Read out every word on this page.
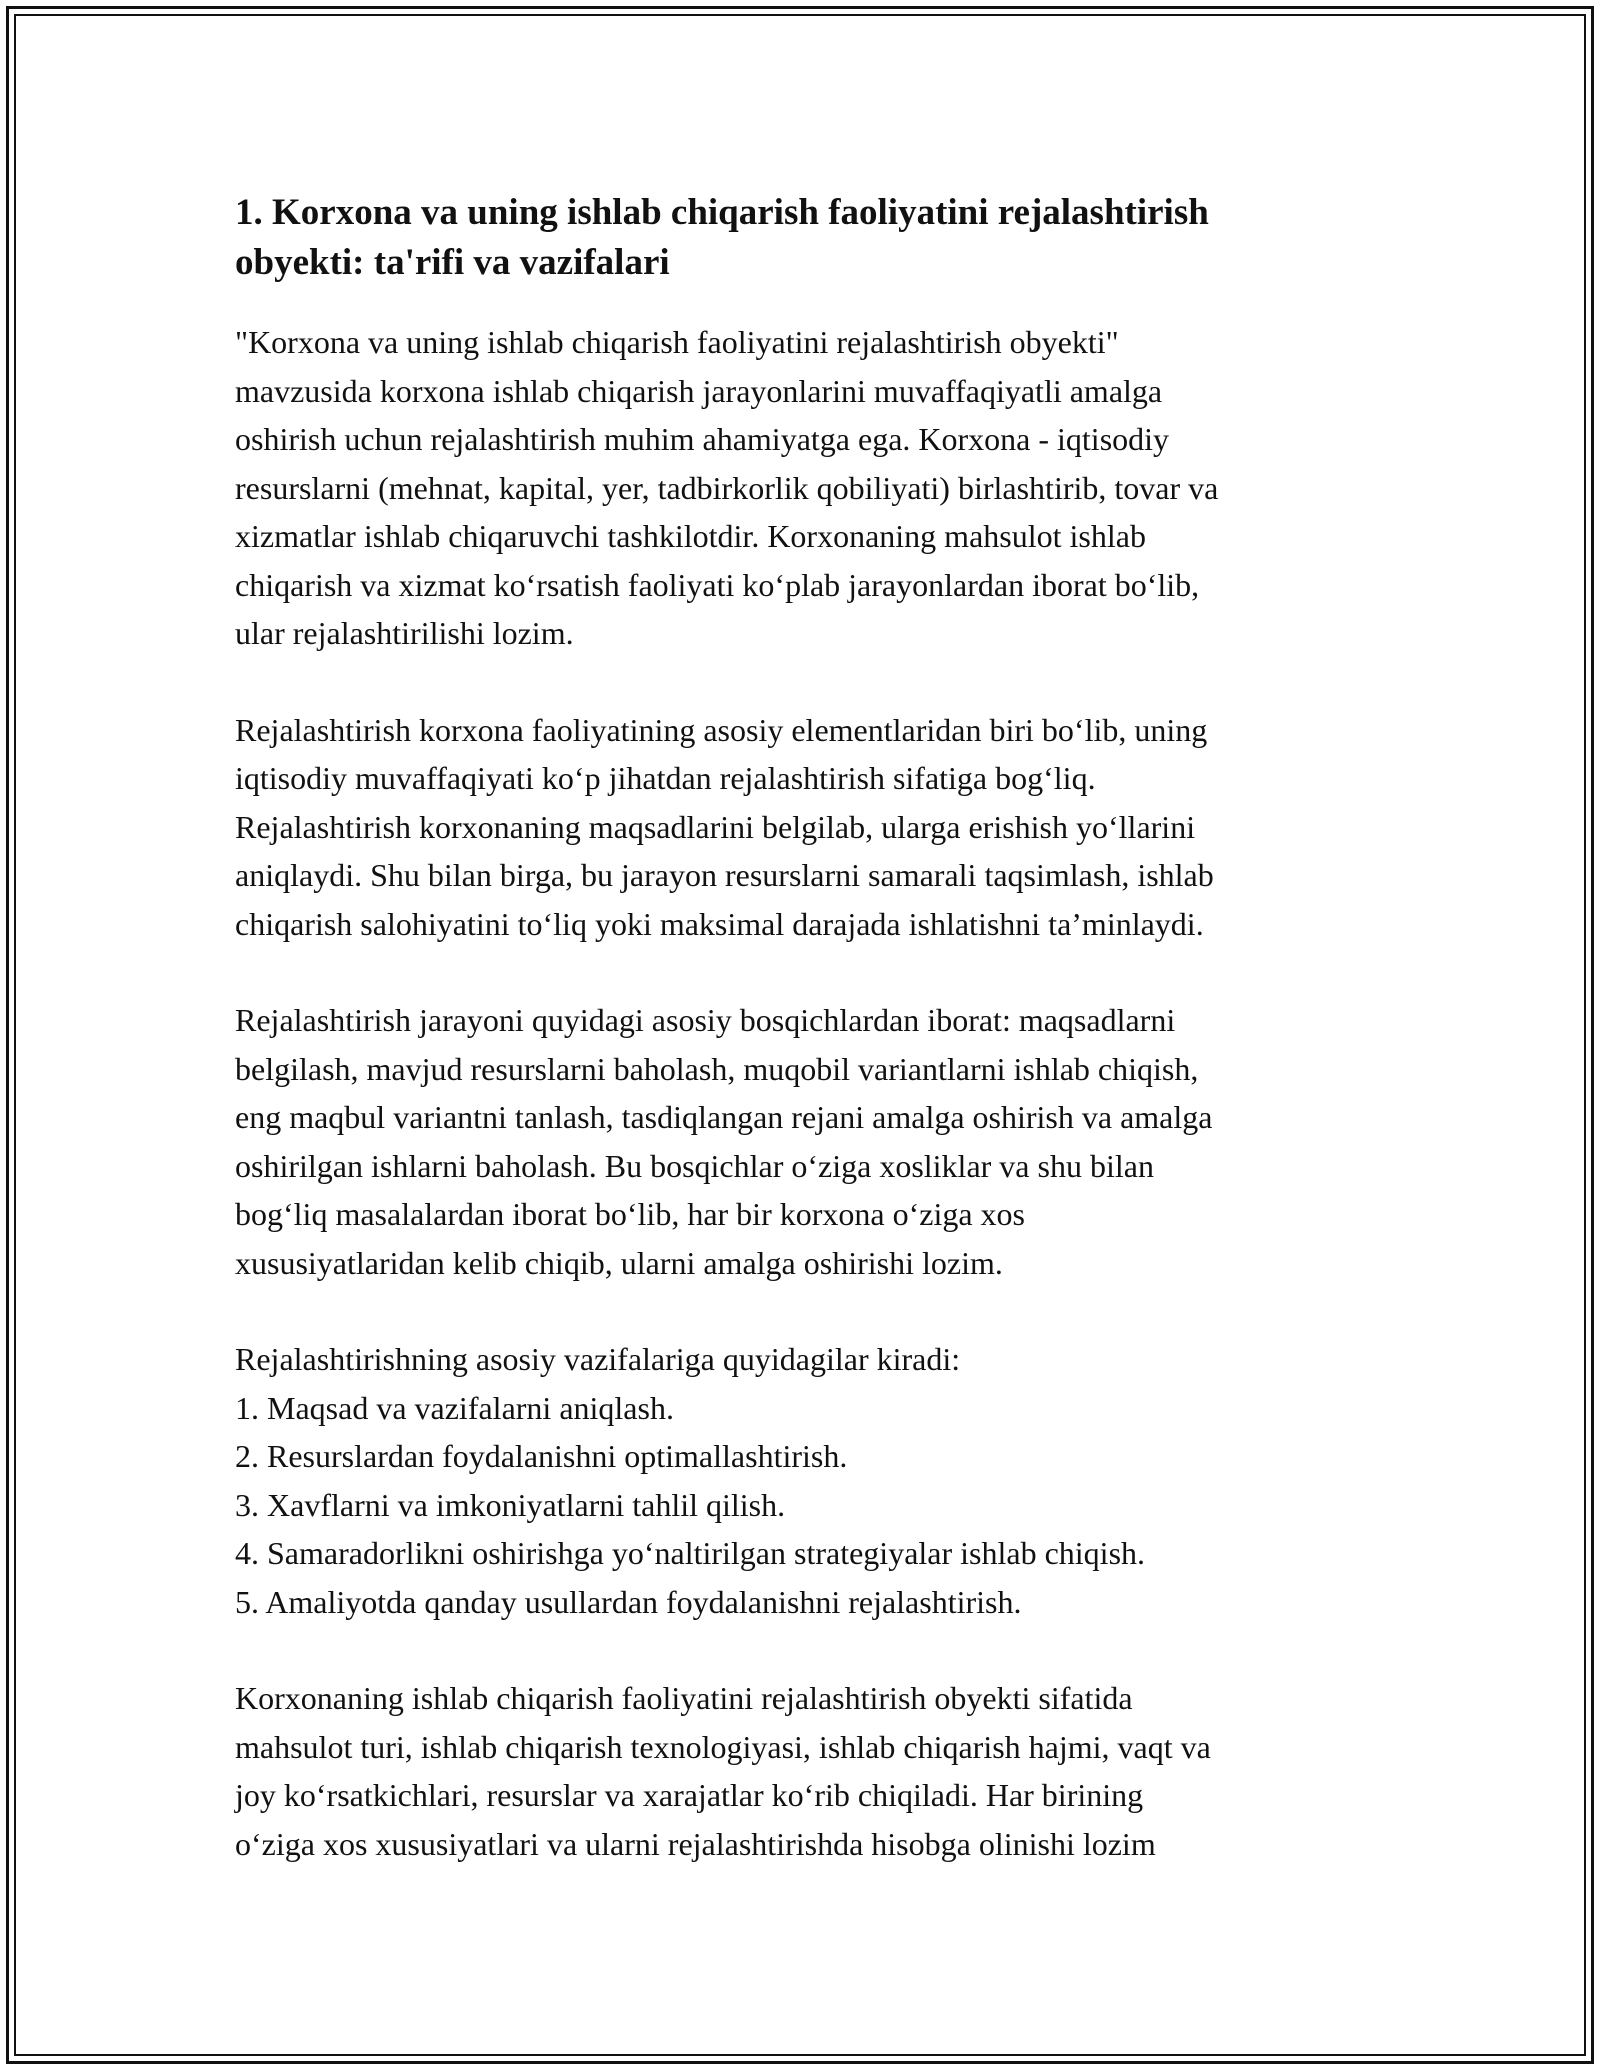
1. Korxona va uning ishlab chiqarish faoliyatini rejalashtirish
obyekti: ta'rifi va vazifalari

"Korxona va uning ishlab chiqarish faoliyatini rejalashtirish obyekti"
mavzusida korxona ishlab chiqarish jarayonlarini muvaffaqiyatli amalga
oshirish uchun rejalashtirish muhim ahamiyatga ega. Korxona - iqtisodiy
resurslarni (mehnat, kapital, yer, tadbirkorlik qobiliyati) birlashtirib, tovar va
xizmatlar ishlab chiqaruvchi tashkilotdir. Korxonaning mahsulot ishlab
chiqarish va xizmat ko‘rsatish faoliyati ko‘plab jarayonlardan iborat bo‘lib,
ular rejalashtirilishi lozim.

Rejalashtirish korxona faoliyatining asosiy elementlaridan biri bo‘lib, uning
iqtisodiy muvaffaqiyati ko‘p jihatdan rejalashtirish sifatiga bog‘liq.
Rejalashtirish korxonaning maqsadlarini belgilab, ularga erishish yo‘llarini
aniqlaydi. Shu bilan birga, bu jarayon resurslarni samarali taqsimlash, ishlab
chiqarish salohiyatini to‘liq yoki maksimal darajada ishlatishni ta’minlaydi.

Rejalashtirish jarayoni quyidagi asosiy bosqichlardan iborat: maqsadlarni
belgilash, mavjud resurslarni baholash, muqobil variantlarni ishlab chiqish,
eng maqbul variantni tanlash, tasdiqlangan rejani amalga oshirish va amalga
oshirilgan ishlarni baholash. Bu bosqichlar o‘ziga xosliklar va shu bilan
bog‘liq masalalardan iborat bo‘lib, har bir korxona o‘ziga xos
xususiyatlaridan kelib chiqib, ularni amalga oshirishi lozim.

Rejalashtirishning asosiy vazifalariga quyidagilar kiradi:

1. Maqsad va vazifalarni aniqlash.

2. Resurslardan foydalanishni optimallashtirish.

3. Xavflarni va imkoniyatlarni tahlil qilish.

4. Samaradorlikni oshirishga yo‘naltirilgan strategiyalar ishlab chiqish.

5. Amaliyotda qanday usullardan foydalanishni rejalashtirish.

Korxonaning ishlab chiqarish faoliyatini rejalashtirish obyekti sifatida
mahsulot turi, ishlab chiqarish texnologiyasi, ishlab chiqarish hajmi, vaqt va
joy ko‘rsatkichlari, resurslar va xarajatlar ko‘rib chiqiladi. Har birining
o‘ziga xos xususiyatlari va ularni rejalashtirishda hisobga olinishi lozim
